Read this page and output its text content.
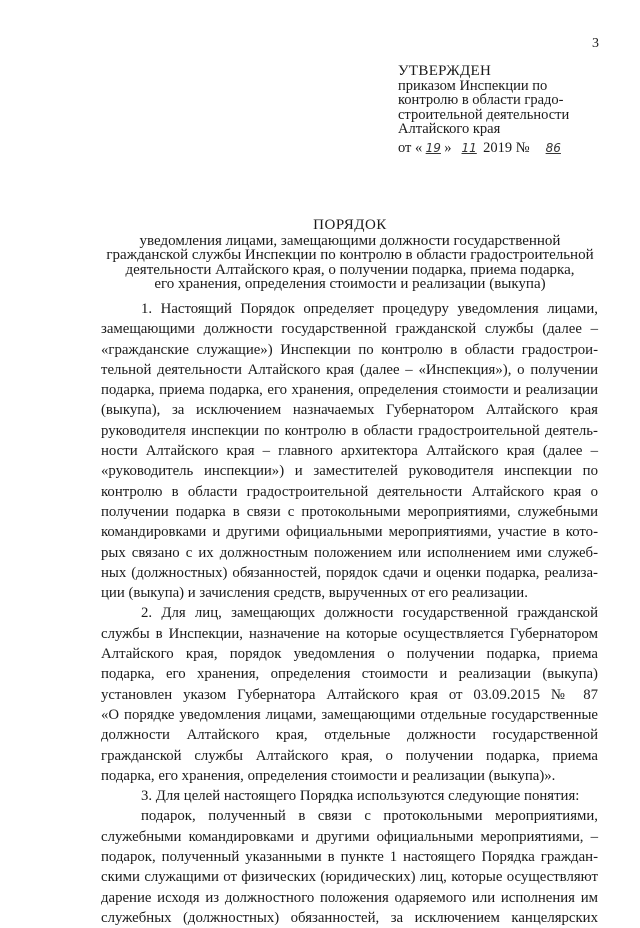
3
УТВЕРЖДЕН
приказом Инспекции по
контролю в области градо-
строительной деятельности
Алтайского края
от « 19 » 11 2019 № 86
ПОРЯДОК
уведомления лицами, замещающими должности государственной
гражданской службы Инспекции по контролю в области градостроительной
деятельности Алтайского края, о получении подарка, приема подарка,
его хранения, определения стоимости и реализации (выкупа)

1. Настоящий Порядок определяет процедуру уведомления лицами,

замещающими должности государственной гражданской службы (далее –

«гражданские служащие») Инспекции по контролю в области градострои-

тельной деятельности Алтайского края (далее – «Инспекция»), о получении

подарка, приема подарка, его хранения, определения стоимости и реализации

(выкупа), за исключением назначаемых Губернатором Алтайского края

руководителя инспекции по контролю в области градостроительной деятель-

ности Алтайского края – главного архитектора Алтайского края (далее –

«руководитель инспекции») и заместителей руководителя инспекции по

контролю в области градостроительной деятельности Алтайского края о

получении подарка в связи с протокольными мероприятиями, служебными

командировками и другими официальными мероприятиями, участие в кото-

рых связано с их должностным положением или исполнением ими служеб-

ных (должностных) обязанностей, порядок сдачи и оценки подарка, реализа-

ции (выкупа) и зачисления средств, вырученных от его реализации.

2. Для лиц, замещающих должности государственной гражданской

службы в Инспекции, назначение на которые осуществляется Губернатором

Алтайского края, порядок уведомления о получении подарка, приема

подарка, его хранения, определения стоимости и реализации (выкупа)

установлен указом Губернатора Алтайского края от 03.09.2015 № 87

«О порядке уведомления лицами, замещающими отдельные государственные

должности Алтайского края, отдельные должности государственной

гражданской службы Алтайского края, о получении подарка, приема

подарка, его хранения, определения стоимости и реализации (выкупа)».

3. Для целей настоящего Порядка используются следующие понятия:

подарок, полученный в связи с протокольными мероприятиями,

служебными командировками и другими официальными мероприятиями, –

подарок, полученный указанными в пункте 1 настоящего Порядка граждан-

скими служащими от физических (юридических) лиц, которые осуществляют

дарение исходя из должностного положения одаряемого или исполнения им

служебных (должностных) обязанностей, за исключением канцелярских
